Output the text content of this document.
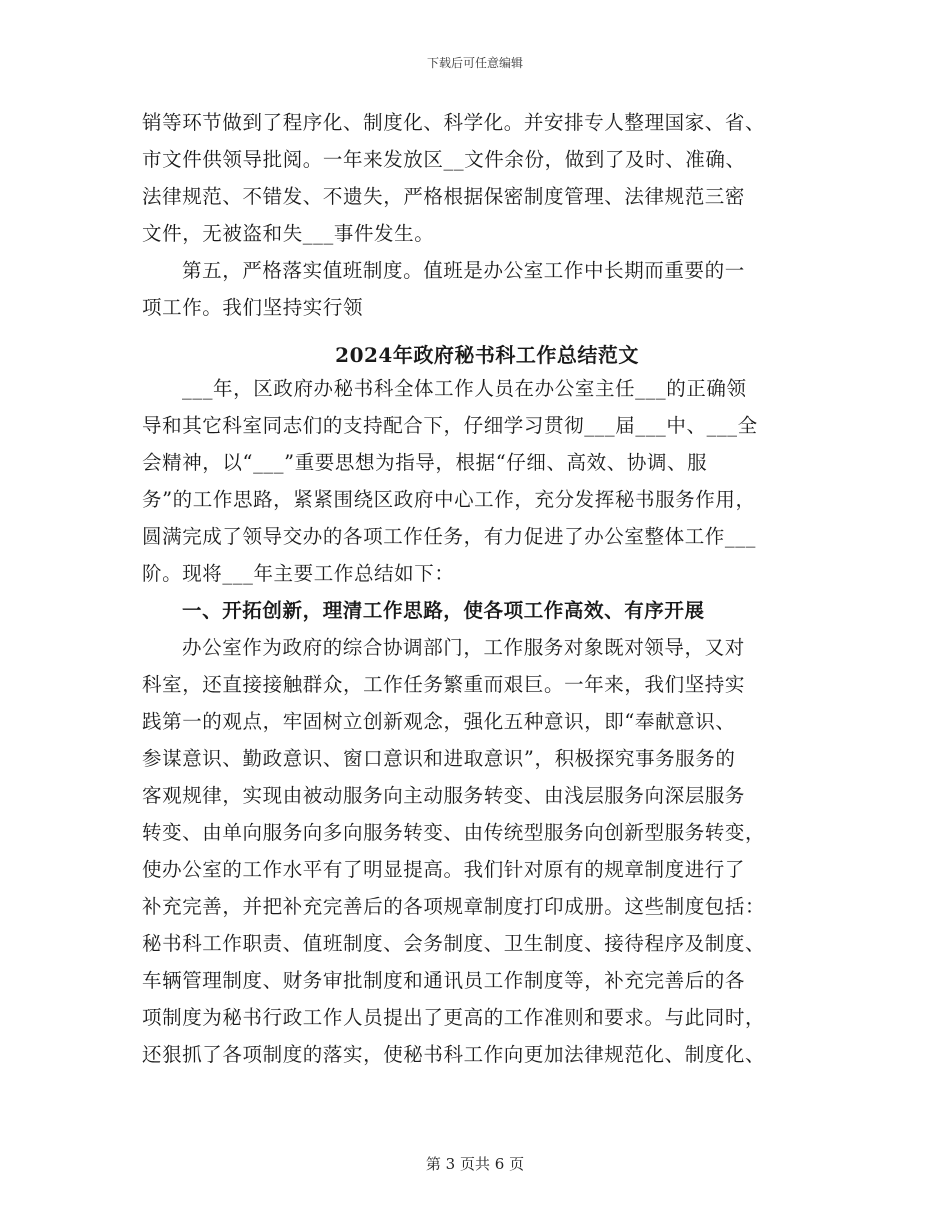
下载后可任意编辑
销等环节做到了程序化、制度化、科学化。并安排专人整理国家、省、
市文件供领导批阅。一年来发放区__文件余份，做到了及时、准确、
法律规范、不错发、不遗失，严格根据保密制度管理、法律规范三密
文件，无被盗和失___事件发生。
第五，严格落实值班制度。值班是办公室工作中长期而重要的一
项工作。我们坚持实行领
2024年政府秘书科工作总结范文
___年，区政府办秘书科全体工作人员在办公室主任___的正确领
导和其它科室同志们的支持配合下，仔细学习贯彻___届___中、___全
会精神，以“___”重要思想为指导，根据“仔细、高效、协调、服
务”的工作思路，紧紧围绕区政府中心工作，充分发挥秘书服务作用，
圆满完成了领导交办的各项工作任务，有力促进了办公室整体工作___
阶。现将___年主要工作总结如下：
一、开拓创新，理清工作思路，使各项工作高效、有序开展
办公室作为政府的综合协调部门，工作服务对象既对领导，又对
科室，还直接接触群众，工作任务繁重而艰巨。一年来，我们坚持实
践第一的观点，牢固树立创新观念，强化五种意识，即“奉献意识、
参谋意识、勤政意识、窗口意识和进取意识”，积极探究事务服务的
客观规律，实现由被动服务向主动服务转变、由浅层服务向深层服务
转变、由单向服务向多向服务转变、由传统型服务向创新型服务转变，
使办公室的工作水平有了明显提高。我们针对原有的规章制度进行了
补充完善，并把补充完善后的各项规章制度打印成册。这些制度包括：
秘书科工作职责、值班制度、会务制度、卫生制度、接待程序及制度、
车辆管理制度、财务审批制度和通讯员工作制度等，补充完善后的各
项制度为秘书行政工作人员提出了更高的工作准则和要求。与此同时，
还狠抓了各项制度的落实，使秘书科工作向更加法律规范化、制度化、
第 3 页共 6 页
